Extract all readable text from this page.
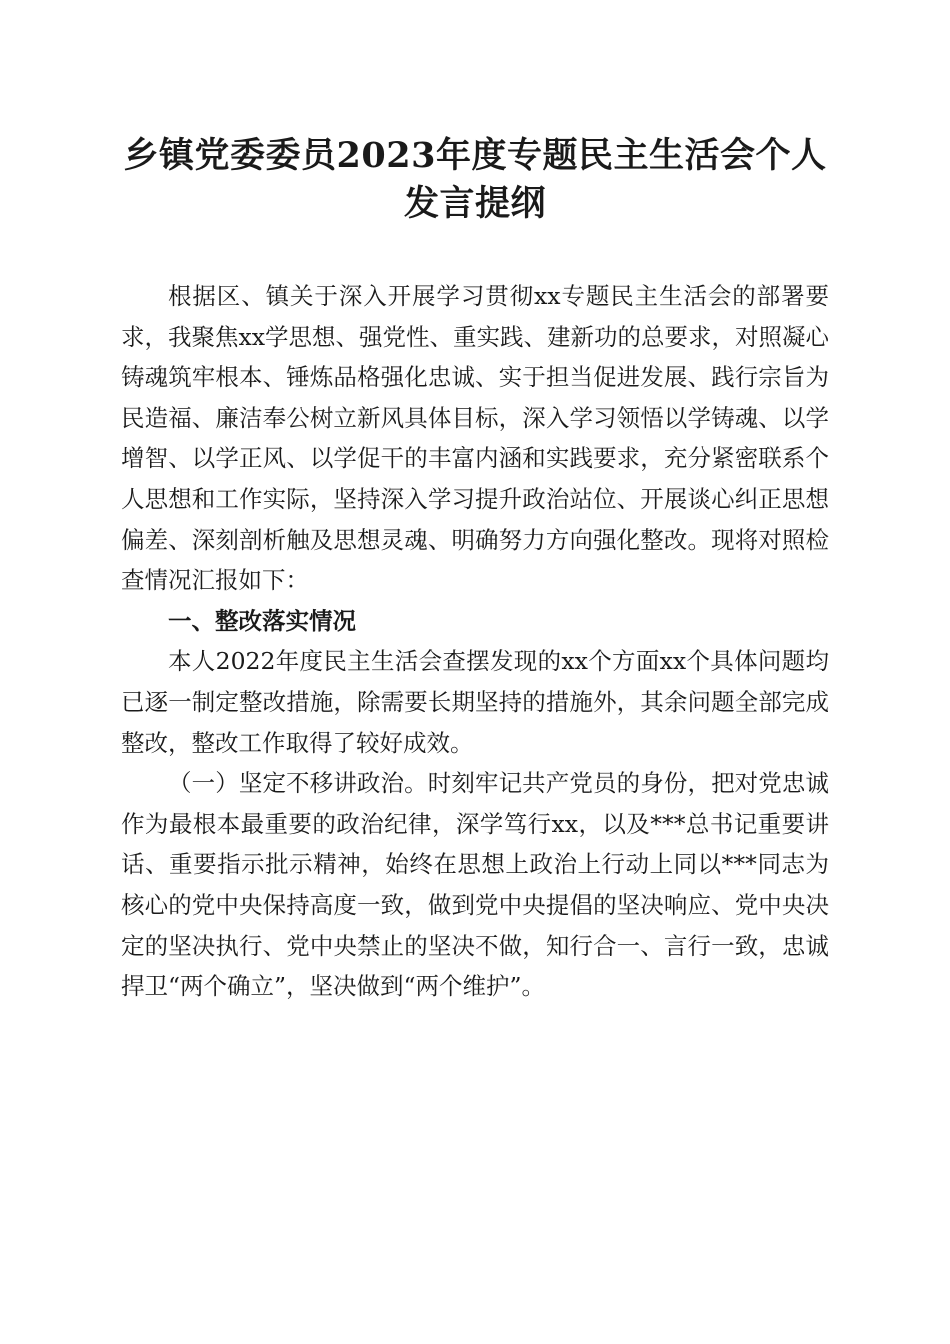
乡镇党委委员2023年度专题民主生活会个人
发言提纲

根据区、镇关于深入开展学习贯彻xx专题民主生活会的部署要求，我聚焦xx学思想、强党性、重实践、建新功的总要求，对照凝心铸魂筑牢根本、锤炼品格强化忠诚、实于担当促进发展、践行宗旨为民造福、廉洁奉公树立新风具体目标，深入学习领悟以学铸魂、以学增智、以学正风、以学促干的丰富内涵和实践要求，充分紧密联系个人思想和工作实际，坚持深入学习提升政治站位、开展谈心纠正思想偏差、深刻剖析触及思想灵魂、明确努力方向强化整改。现将对照检查情况汇报如下：

一、整改落实情况

本人2022年度民主生活会查摆发现的xx个方面xx个具体问题均已逐一制定整改措施，除需要长期坚持的措施外，其余问题全部完成整改，整改工作取得了较好成效。

（一）坚定不移讲政治。时刻牢记共产党员的身份，把对党忠诚作为最根本最重要的政治纪律，深学笃行xx，以及***总书记重要讲话、重要指示批示精神，始终在思想上政治上行动上同以***同志为核心的党中央保持高度一致，做到党中央提倡的坚决响应、党中央决定的坚决执行、党中央禁止的坚决不做，知行合一、言行一致，忠诚捍卫“两个确立”，坚决做到“两个维护”。
